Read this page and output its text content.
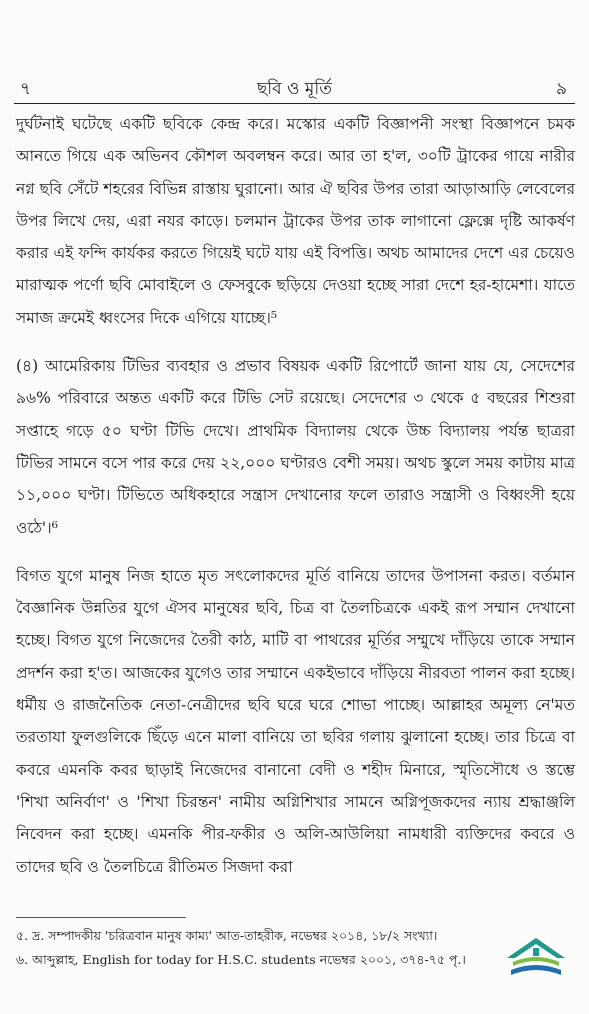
৭	ছবি ও মূর্তি	৯

দুর্ঘটনাই ঘটেছে একটি ছবিকে কেন্দ্র করে। মস্কোর একটি বিজ্ঞাপনী সংস্থা বিজ্ঞাপনে চমক আনতে গিয়ে এক অভিনব কৌশল অবলম্বন করে। আর তা হ'ল, ৩০টি ট্রাকের গায়ে নারীর নগ্ন ছবি সেঁটে শহরের বিভিন্ন রাস্তায় ঘুরানো। আর ঐ ছবির উপর তারা আড়াআড়ি লেবেলের উপর লিখে দেয়, এরা নযর কাড়ে। চলমান ট্রাকের উপর তাক লাগানো ফ্লেক্সে দৃষ্টি আকর্ষণ করার এই ফন্দি কার্যকর করতে গিয়েই ঘটে যায় এই বিপত্তি। অথচ আমাদের দেশে এর চেয়েও মারাত্মক পর্ণো ছবি মোবাইলে ও ফেসবুকে ছড়িয়ে দেওয়া হচ্ছে সারা দেশে হর-হামেশা। যাতে সমাজ ক্রমেই ধ্বংসের দিকে এগিয়ে যাচ্ছে।⁵

(৪) আমেরিকায় টিভির ব্যবহার ও প্রভাব বিষয়ক একটি রিপোর্টে জানা যায় যে, সেদেশের ৯৬% পরিবারে অন্তত একটি করে টিভি সেট রয়েছে। সেদেশের ৩ থেকে ৫ বছরের শিশুরা সপ্তাহে গড়ে ৫০ ঘণ্টা টিভি দেখে। প্রাথমিক বিদ্যালয় থেকে উচ্চ বিদ্যালয় পর্যন্ত ছাত্ররা টিভির সামনে বসে পার করে দেয় ২২,০০০ ঘণ্টারও বেশী সময়। অথচ স্কুলে সময় কাটায় মাত্র ১১,০০০ ঘণ্টা। টিভিতে অধিকহারে সন্ত্রাস দেখানোর ফলে তারাও সন্ত্রাসী ও বিধ্বংসী হয়ে ওঠে'।⁶

বিগত যুগে মানুষ নিজ হাতে মৃত সৎলোকদের মূর্তি বানিয়ে তাদের উপাসনা করত। বর্তমান বৈজ্ঞানিক উন্নতির যুগে ঐসব মানুষের ছবি, চিত্র বা তৈলচিত্রকে একই রূপ সম্মান দেখানো হচ্ছে। বিগত যুগে নিজেদের তৈরী কাঠ, মাটি বা পাথরের মূর্তির সম্মুখে দাঁড়িয়ে তাকে সম্মান প্রদর্শন করা হ'ত। আজকের যুগেও তার সম্মানে একইভাবে দাঁড়িয়ে নীরবতা পালন করা হচ্ছে। ধর্মীয় ও রাজনৈতিক নেতা-নেত্রীদের ছবি ঘরে ঘরে শোভা পাচ্ছে। আল্লাহর অমূল্য নে'মত তরতাযা ফুলগুলিকে ছিঁড়ে এনে মালা বানিয়ে তা ছবির গলায় ঝুলানো হচ্ছে। তার চিত্রে বা কবরে এমনকি কবর ছাড়াই নিজেদের বানানো বেদী ও শহীদ মিনারে, স্মৃতিসৌধে ও স্তম্ভে 'শিখা অনির্বাণ' ও 'শিখা চিরন্তন' নামীয় অগ্নিশিখার সামনে অগ্নিপূজকদের ন্যায় শ্রদ্ধাঞ্জলি নিবেদন করা হচ্ছে। এমনকি পীর-ফকীর ও অলি-আউলিয়া নামধারী ব্যক্তিদের কবরে ও তাদের ছবি ও তৈলচিত্রে রীতিমত সিজদা করা

৫. দ্র. সম্পাদকীয় 'চরিত্রবান মানুষ কাম্য' আত-তাহরীক, নভেম্বর ২০১৪, ১৮/২ সংখ্যা।

৬. আব্দুল্লাহ, English for today for H.S.C. students নভেম্বর ২০০১, ৩৭৪-৭৫ পৃ.।
